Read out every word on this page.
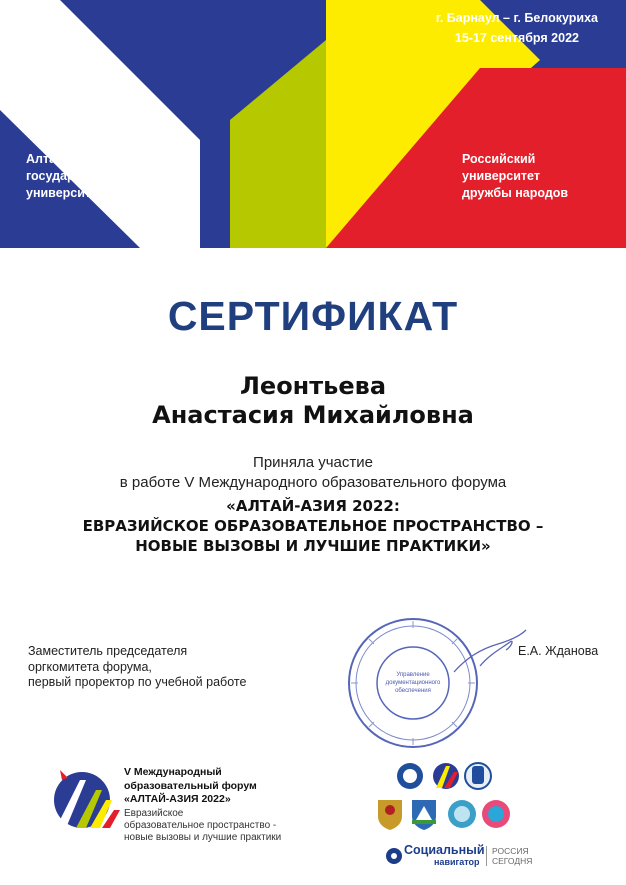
г. Барнаул – г. Белокуриха
15-17 сентября 2022
Алтайский
государственный
университет
Российский
университет
дружбы народов
СЕРТИФИКАТ
Леонтьева
Анастасия Михайловна
Приняла участие
в работе V Международного образовательного форума
«АЛТАЙ-АЗИЯ 2022:
ЕВРАЗИЙСКОЕ ОБРАЗОВАТЕЛЬНОЕ ПРОСТРАНСТВО –
НОВЫЕ ВЫЗОВЫ И ЛУЧШИЕ ПРАКТИКИ»
Заместитель председателя
оргкомитета форума,
первый проректор по учебной работе	Управление
документационного
обеспечения
Е.А. Жданова
V Международный
образовательный форум
«АЛТАЙ-АЗИЯ 2022»
Евразийское
образовательное пространство -
новые вызовы и лучшие практики
Социальный
навигатор
РОССИЯ
СЕГОДНЯ
